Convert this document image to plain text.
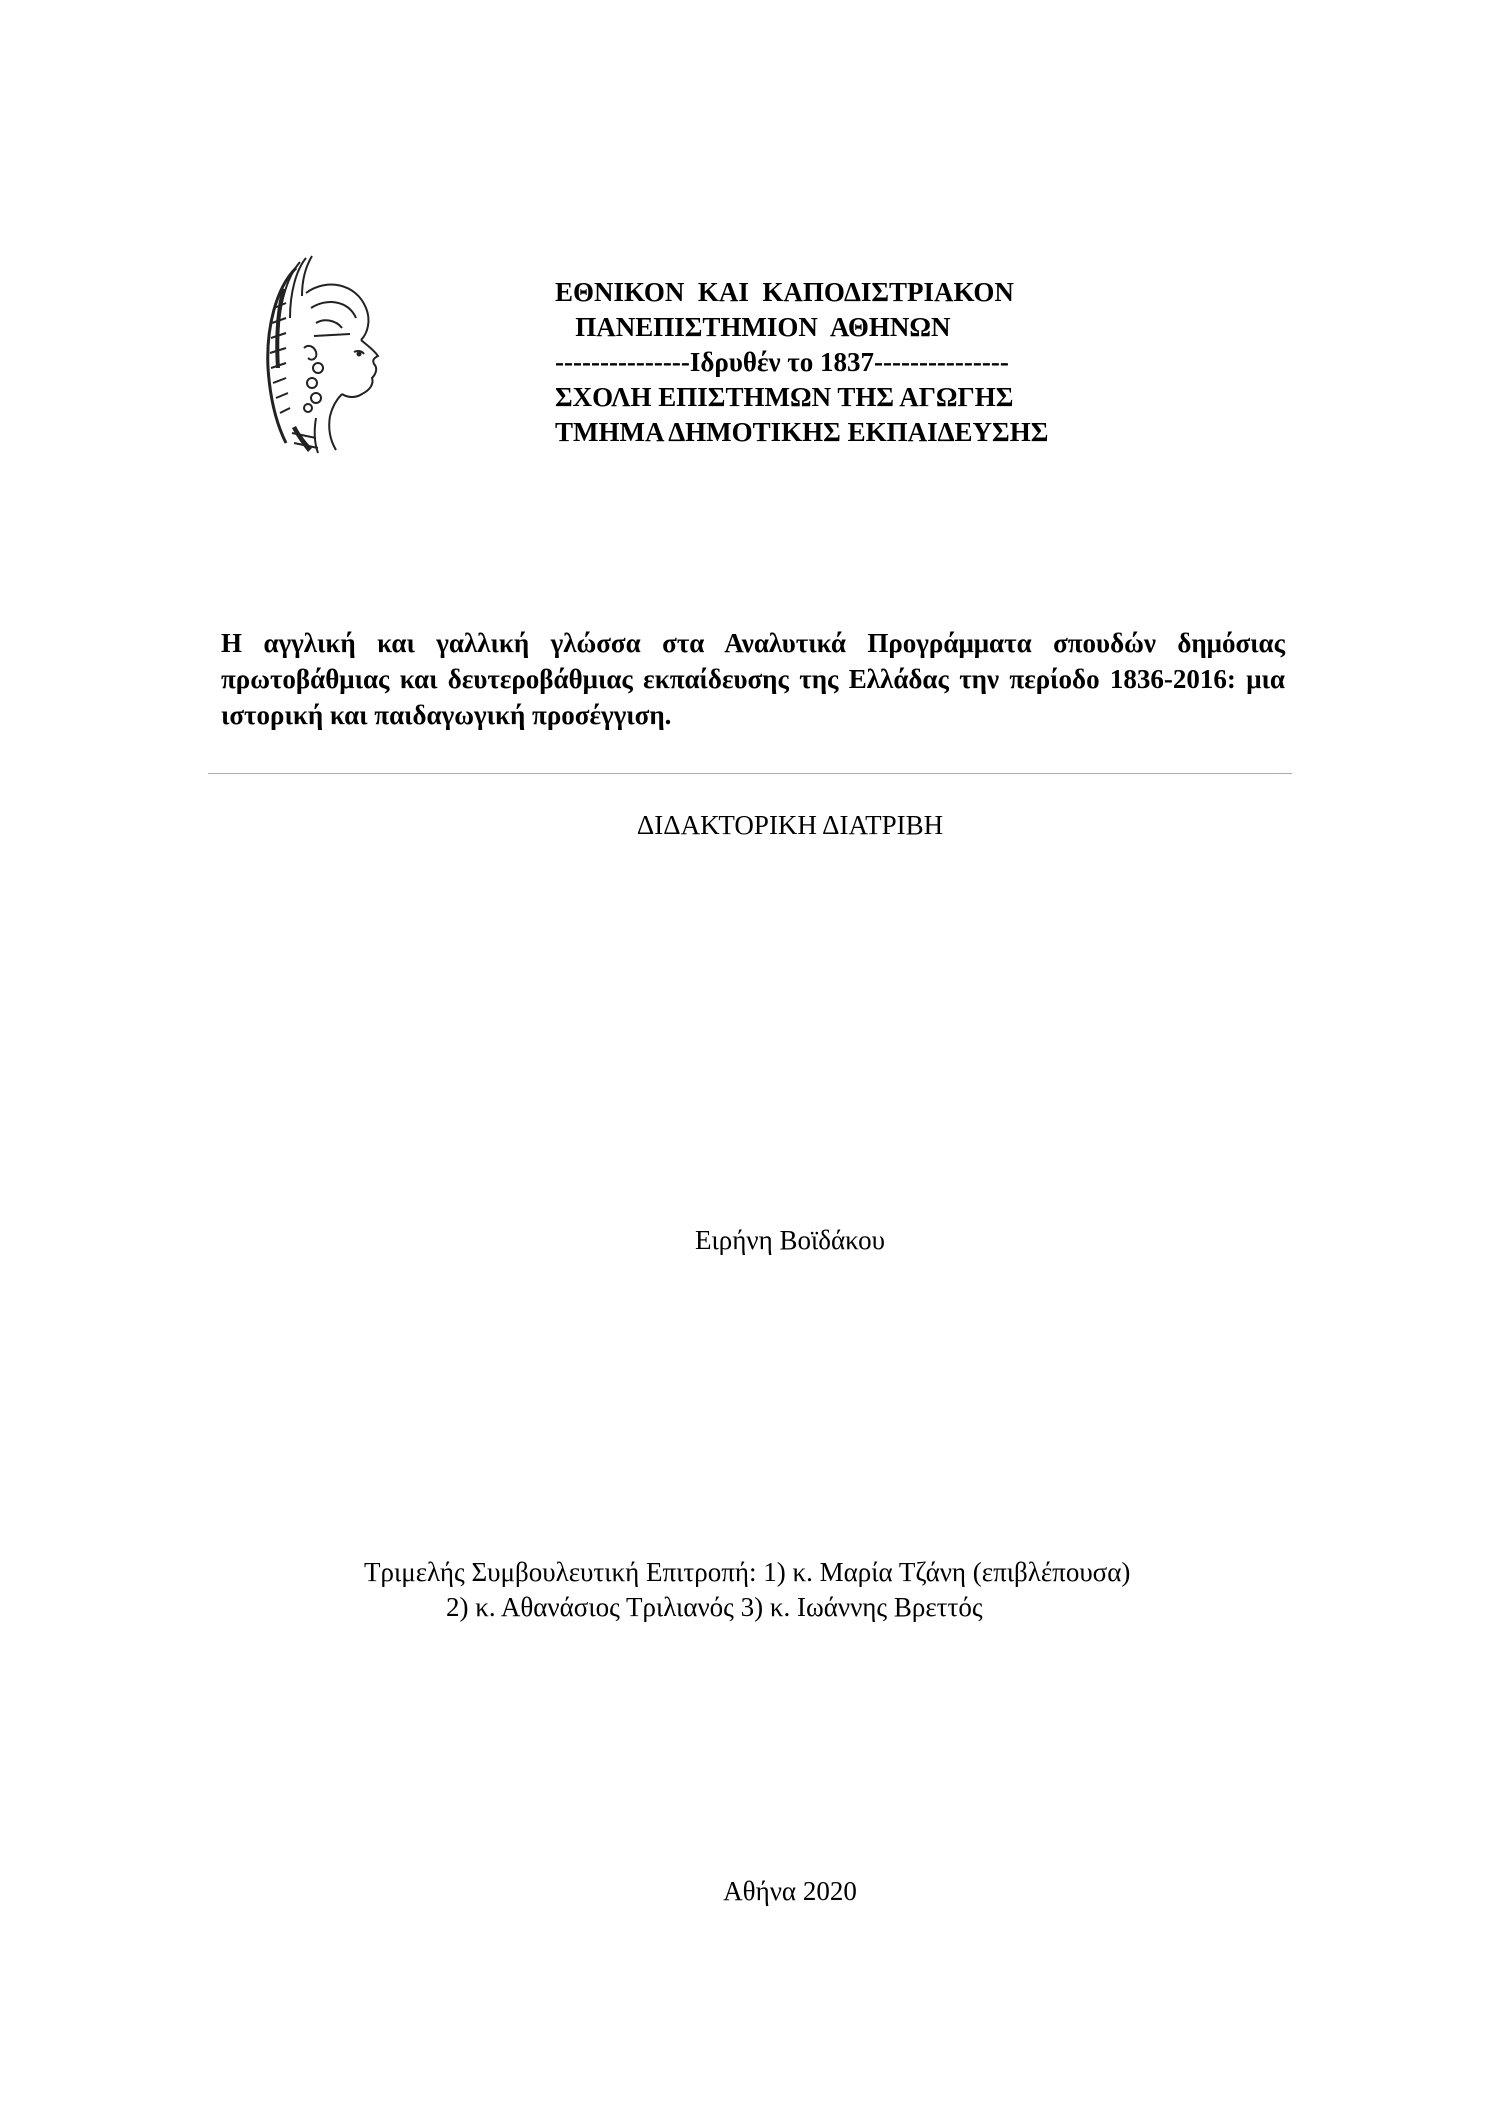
ΕΘΝΙΚΟΝ  ΚΑΙ  ΚΑΠΟΔΙΣΤΡΙΑΚΟΝ
ΠΑΝΕΠΙΣΤΗΜΙΟΝ  ΑΘΗΝΩΝ
---------------Ιδρυθέν το 1837---------------
ΣΧΟΛΗ ΕΠΙΣΤΗΜΩΝ ΤΗΣ ΑΓΩΓΗΣ
ΤΜΗΜΑ ΔΗΜΟΤΙΚΗΣ ΕΚΠΑΙΔΕΥΣΗΣ
Η αγγλική και γαλλική γλώσσα στα Αναλυτικά Προγράμματα σπουδών δημόσιας πρωτοβάθμιας και δευτεροβάθμιας εκπαίδευσης της Ελλάδας την περίοδο 1836-2016: μια ιστορική και παιδαγωγική προσέγγιση.
ΔΙΔΑΚΤΟΡΙΚΗ ΔΙΑΤΡΙΒΗ
Ειρήνη Βοϊδάκου
Τριμελής Συμβουλευτική Επιτροπή: 1) κ. Μαρία Τζάνη (επιβλέπουσα)
2) κ. Αθανάσιος Τριλιανός 3) κ. Ιωάννης Βρεττός
Αθήνα 2020
